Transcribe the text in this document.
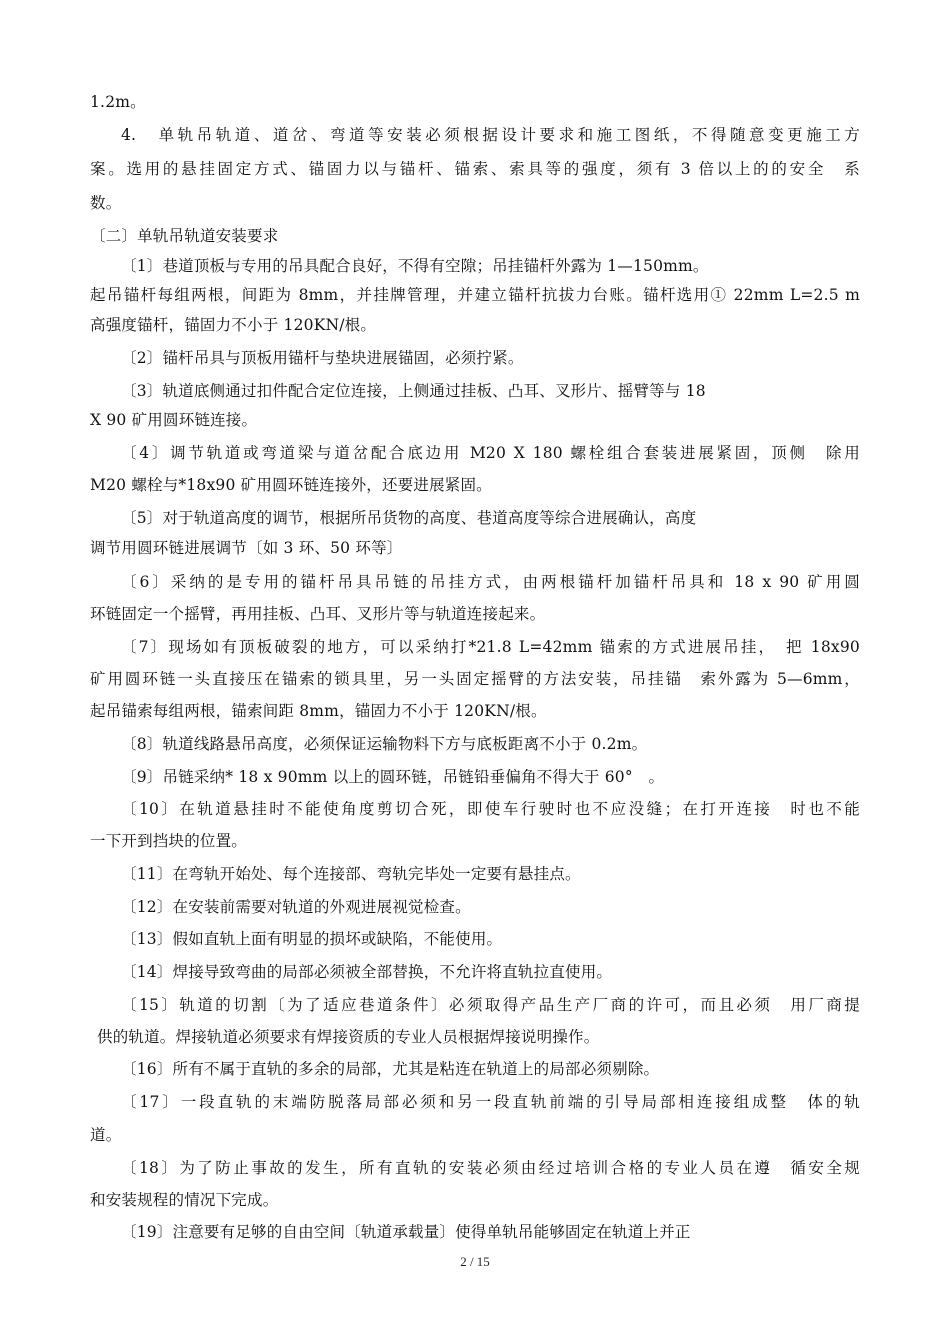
1.2m。
4.　单轨吊轨道、道岔、弯道等安装必须根据设计要求和施工图纸，不得随意变更施工方
案。选用的悬挂固定方式、锚固力以与锚杆、锚索、索具等的强度，须有 3 倍以上的的安全　系
数。
〔二〕单轨吊轨道安装要求
〔1〕巷道顶板与专用的吊具配合良好，不得有空隙；吊挂锚杆外露为 1—150mm。
起吊锚杆每组两根，间距为 8mm，并挂牌管理，并建立锚杆抗拔力台账。锚杆选用① 22mm L=2.5 m
高强度锚杆，锚固力不小于 120KN/根。
〔2〕锚杆吊具与顶板用锚杆与垫块进展锚固，必须拧紧。
〔3〕轨道底侧通过扣件配合定位连接，上侧通过挂板、凸耳、叉形片、摇臂等与 18
X 90 矿用圆环链连接。
〔4〕调节轨道或弯道梁与道岔配合底边用 M20 X 180 螺栓组合套装进展紧固，顶侧　除用
M20 螺栓与*18x90 矿用圆环链连接外，还要进展紧固。
〔5〕对于轨道高度的调节，根据所吊货物的高度、巷道高度等综合进展确认，高度
调节用圆环链进展调节〔如 3 环、50 环等〕
〔6〕采纳的是专用的锚杆吊具吊链的吊挂方式，由两根锚杆加锚杆吊具和 18 x 90 矿用圆
环链固定一个摇臂，再用挂板、凸耳、叉形片等与轨道连接起来。
〔7〕现场如有顶板破裂的地方，可以采纳打*21.8 L=42mm 锚索的方式进展吊挂，　把 18x90
矿用圆环链一头直接压在锚索的锁具里，另一头固定摇臂的方法安装，吊挂锚　索外露为 5—6mm，
起吊锚索每组两根，锚索间距 8mm，锚固力不小于 120KN/根。
〔8〕轨道线路悬吊高度，必须保证运输物料下方与底板距离不小于 0.2m。
〔9〕吊链采纳* 18 x 90mm 以上的圆环链，吊链铅垂偏角不得大于 60°　。
〔10〕在轨道悬挂时不能使角度剪切合死，即使车行驶时也不应没缝；在打开连接　时也不能
一下开到挡块的位置。
〔11〕在弯轨开始处、每个连接部、弯轨完毕处一定要有悬挂点。
〔12〕在安装前需要对轨道的外观进展视觉检查。
〔13〕假如直轨上面有明显的损坏或缺陷，不能使用。
〔14〕焊接导致弯曲的局部必须被全部替换，不允许将直轨拉直使用。
〔15〕轨道的切割〔为了适应巷道条件〕必须取得产品生产厂商的许可，而且必须　用厂商提
供的轨道。焊接轨道必须要求有焊接资质的专业人员根据焊接说明操作。
〔16〕所有不属于直轨的多余的局部，尤其是粘连在轨道上的局部必须剔除。
〔17〕一段直轨的末端防脱落局部必须和另一段直轨前端的引导局部相连接组成整　体的轨
道。
〔18〕为了防止事故的发生，所有直轨的安装必须由经过培训合格的专业人员在遵　循安全规
和安装规程的情况下完成。
〔19〕注意要有足够的自由空间〔轨道承载量〕使得单轨吊能够固定在轨道上并正
2 / 15
